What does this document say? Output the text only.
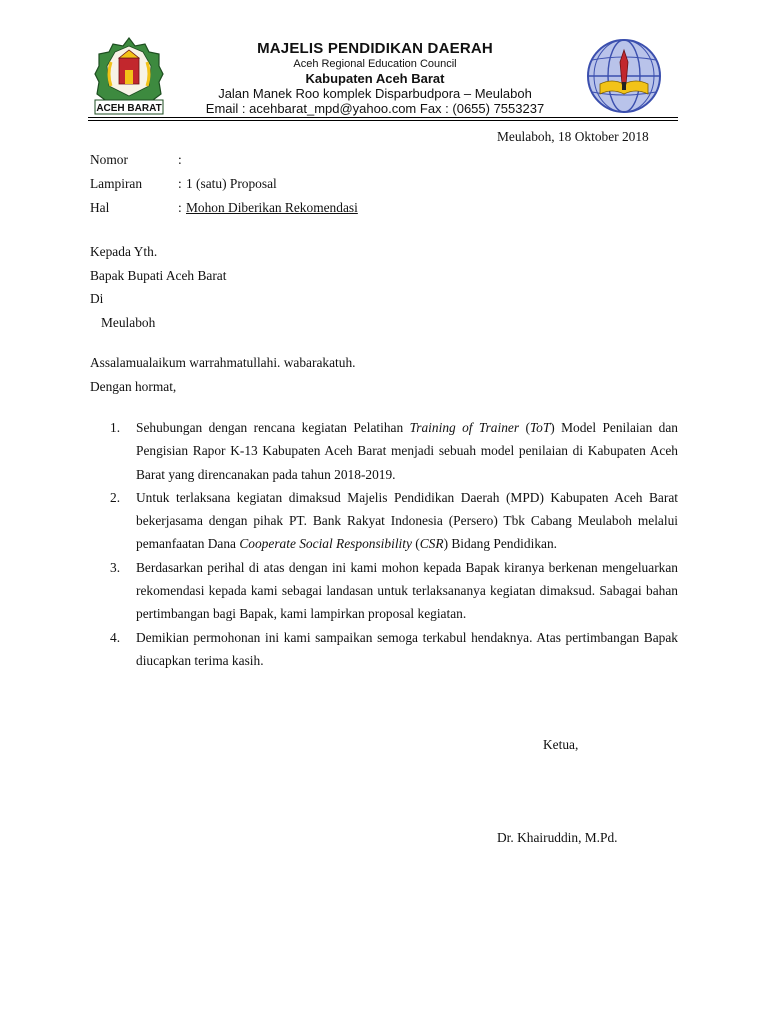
ACEH BARAT
MAJELIS PENDIDIKAN DAERAH
Aceh Regional Education Council
Kabupaten Aceh Barat
Jalan Manek Roo komplek Disparbudpora – Meulaboh
Email : acehbarat_mpd@yahoo.com Fax : (0655) 7553237
Meulaboh, 18 Oktober 2018
Nomor	:
Lampiran	: 1 (satu) Proposal
Hal	: Mohon Diberikan Rekomendasi
Kepada Yth.
Bapak Bupati Aceh Barat
Di
Meulaboh
Assalamualaikum warrahmatullahi. wabarakatuh.
Dengan hormat,
1.	Sehubungan dengan rencana kegiatan Pelatihan Training of Trainer (ToT) Model Penilaian dan Pengisian Rapor K-13 Kabupaten Aceh Barat menjadi sebuah model penilaian di Kabupaten Aceh Barat yang direncanakan pada tahun 2018-2019.
2.	Untuk terlaksana kegiatan dimaksud Majelis Pendidikan Daerah (MPD) Kabupaten Aceh Barat bekerjasama dengan pihak PT. Bank Rakyat Indonesia (Persero) Tbk Cabang Meulaboh melalui pemanfaatan Dana Cooperate Social Responsibility (CSR) Bidang Pendidikan.
3.	Berdasarkan perihal di atas dengan ini kami mohon kepada Bapak kiranya berkenan mengeluarkan rekomendasi kepada kami sebagai landasan untuk terlaksananya kegiatan dimaksud. Sabagai bahan pertimbangan bagi Bapak, kami lampirkan proposal kegiatan.
4.	Demikian permohonan ini kami sampaikan semoga terkabul hendaknya. Atas pertimbangan Bapak diucapkan terima kasih.
Ketua,
Dr. Khairuddin, M.Pd.
